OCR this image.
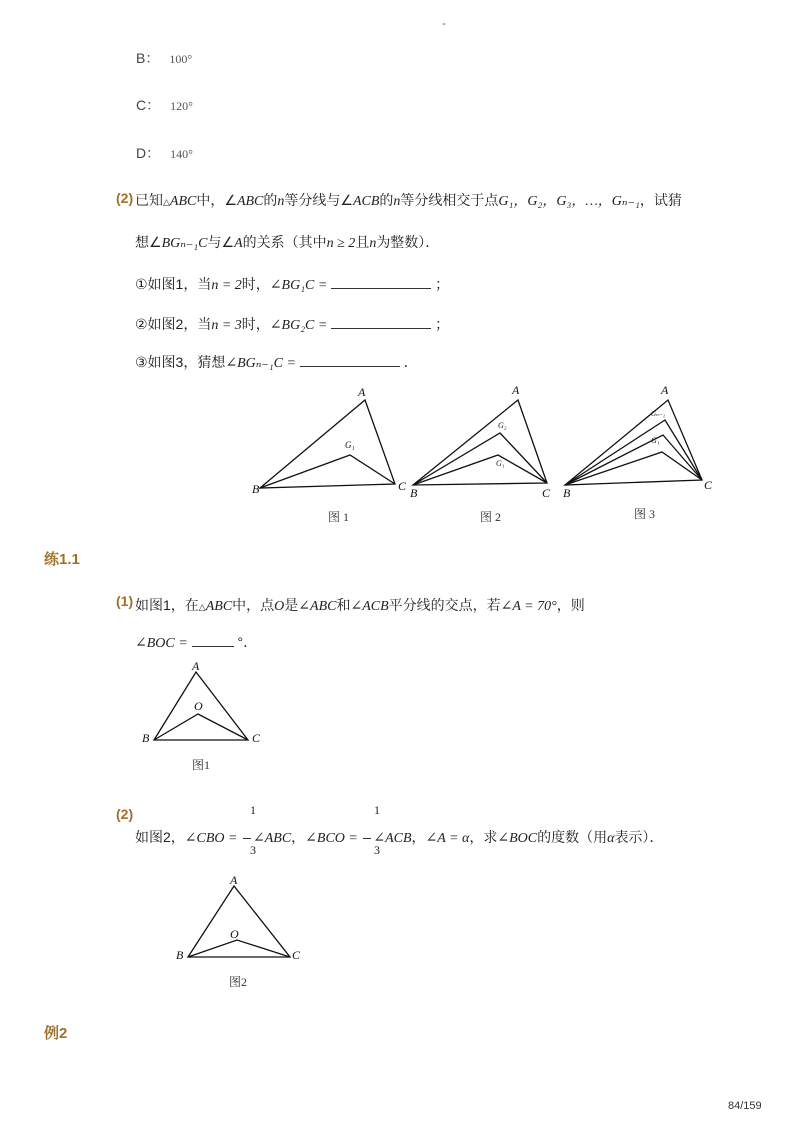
-
B： 100°
C： 120°
D： 140°
(2) 已知△ABC中，∠ABC的n等分线与∠ACB的n等分线相交于点G₁，G₂，G₃，…，Gₙ₋₁，试猜
想∠BGₙ₋₁C与∠A的关系（其中n ≥ 2且n为整数）．
①如图1，当n = 2时，∠BG₁C =	；
②如图2，当n = 3时，∠BG₂C =	；
③如图3，猜想∠BGₙ₋₁C =	．
A
B	C
G₁
A
B	C
G₂
G₁
A
B
C
Gₙ₋₁
G₁
图 1	图 2	图 3
练1.1
(1) 如图1，在△ABC中，点O是∠ABC和∠ACB平分线的交点，若∠A = 70°，则
∠BOC =	°．
A
B	C
O
图1
(2)	1
3
1
3
如图2，∠CBO = ∠ABC，∠BCO = ∠ACB，∠A = α，求∠BOC的度数（用α表示）．
A
B	C
O
图2
例2
84/159
